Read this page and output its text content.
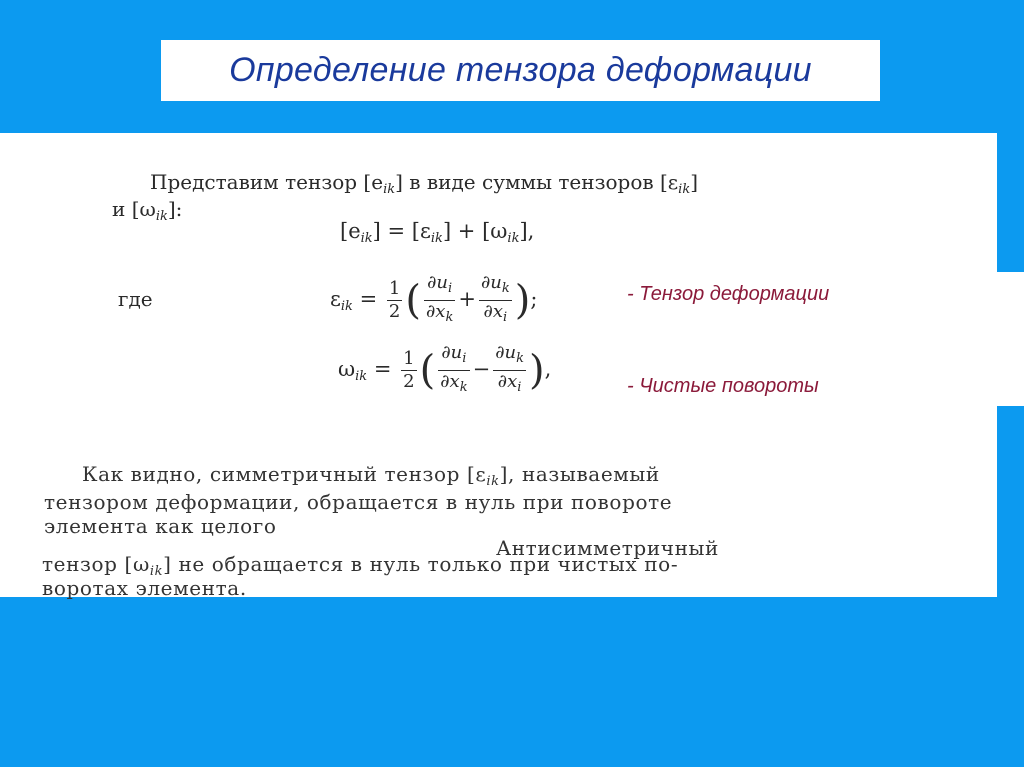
Определение тензора деформации
Представим тензор $[e_{ik}]$ в виде суммы тензоров $[\varepsilon_{ik}]$
и $[\omega_{ik}]$:
$[e_{ik}] = [\varepsilon_{ik}] + [\omega_{ik}]$,
где	$\varepsilon_{ik} = \frac{1}{2}$ ( $\frac{\partial u_i}{\partial x_k} + \frac{\partial u_k}{\partial x_i}$ );
$\omega_{ik} = \frac{1}{2}$ ( $\frac{\partial u_i}{\partial x_k} - \frac{\partial u_k}{\partial x_i}$ ),
- Тензор деформации
- Чистые повороты
Как видно, симметричный тензор $[\varepsilon_{ik}]$, называемый
тензором деформации, обращается в нуль при повороте
элемента как целого
Антисимметричный
тензор $[\omega_{ik}]$ не обращается в нуль только при чистых по-
воротах элемента.
